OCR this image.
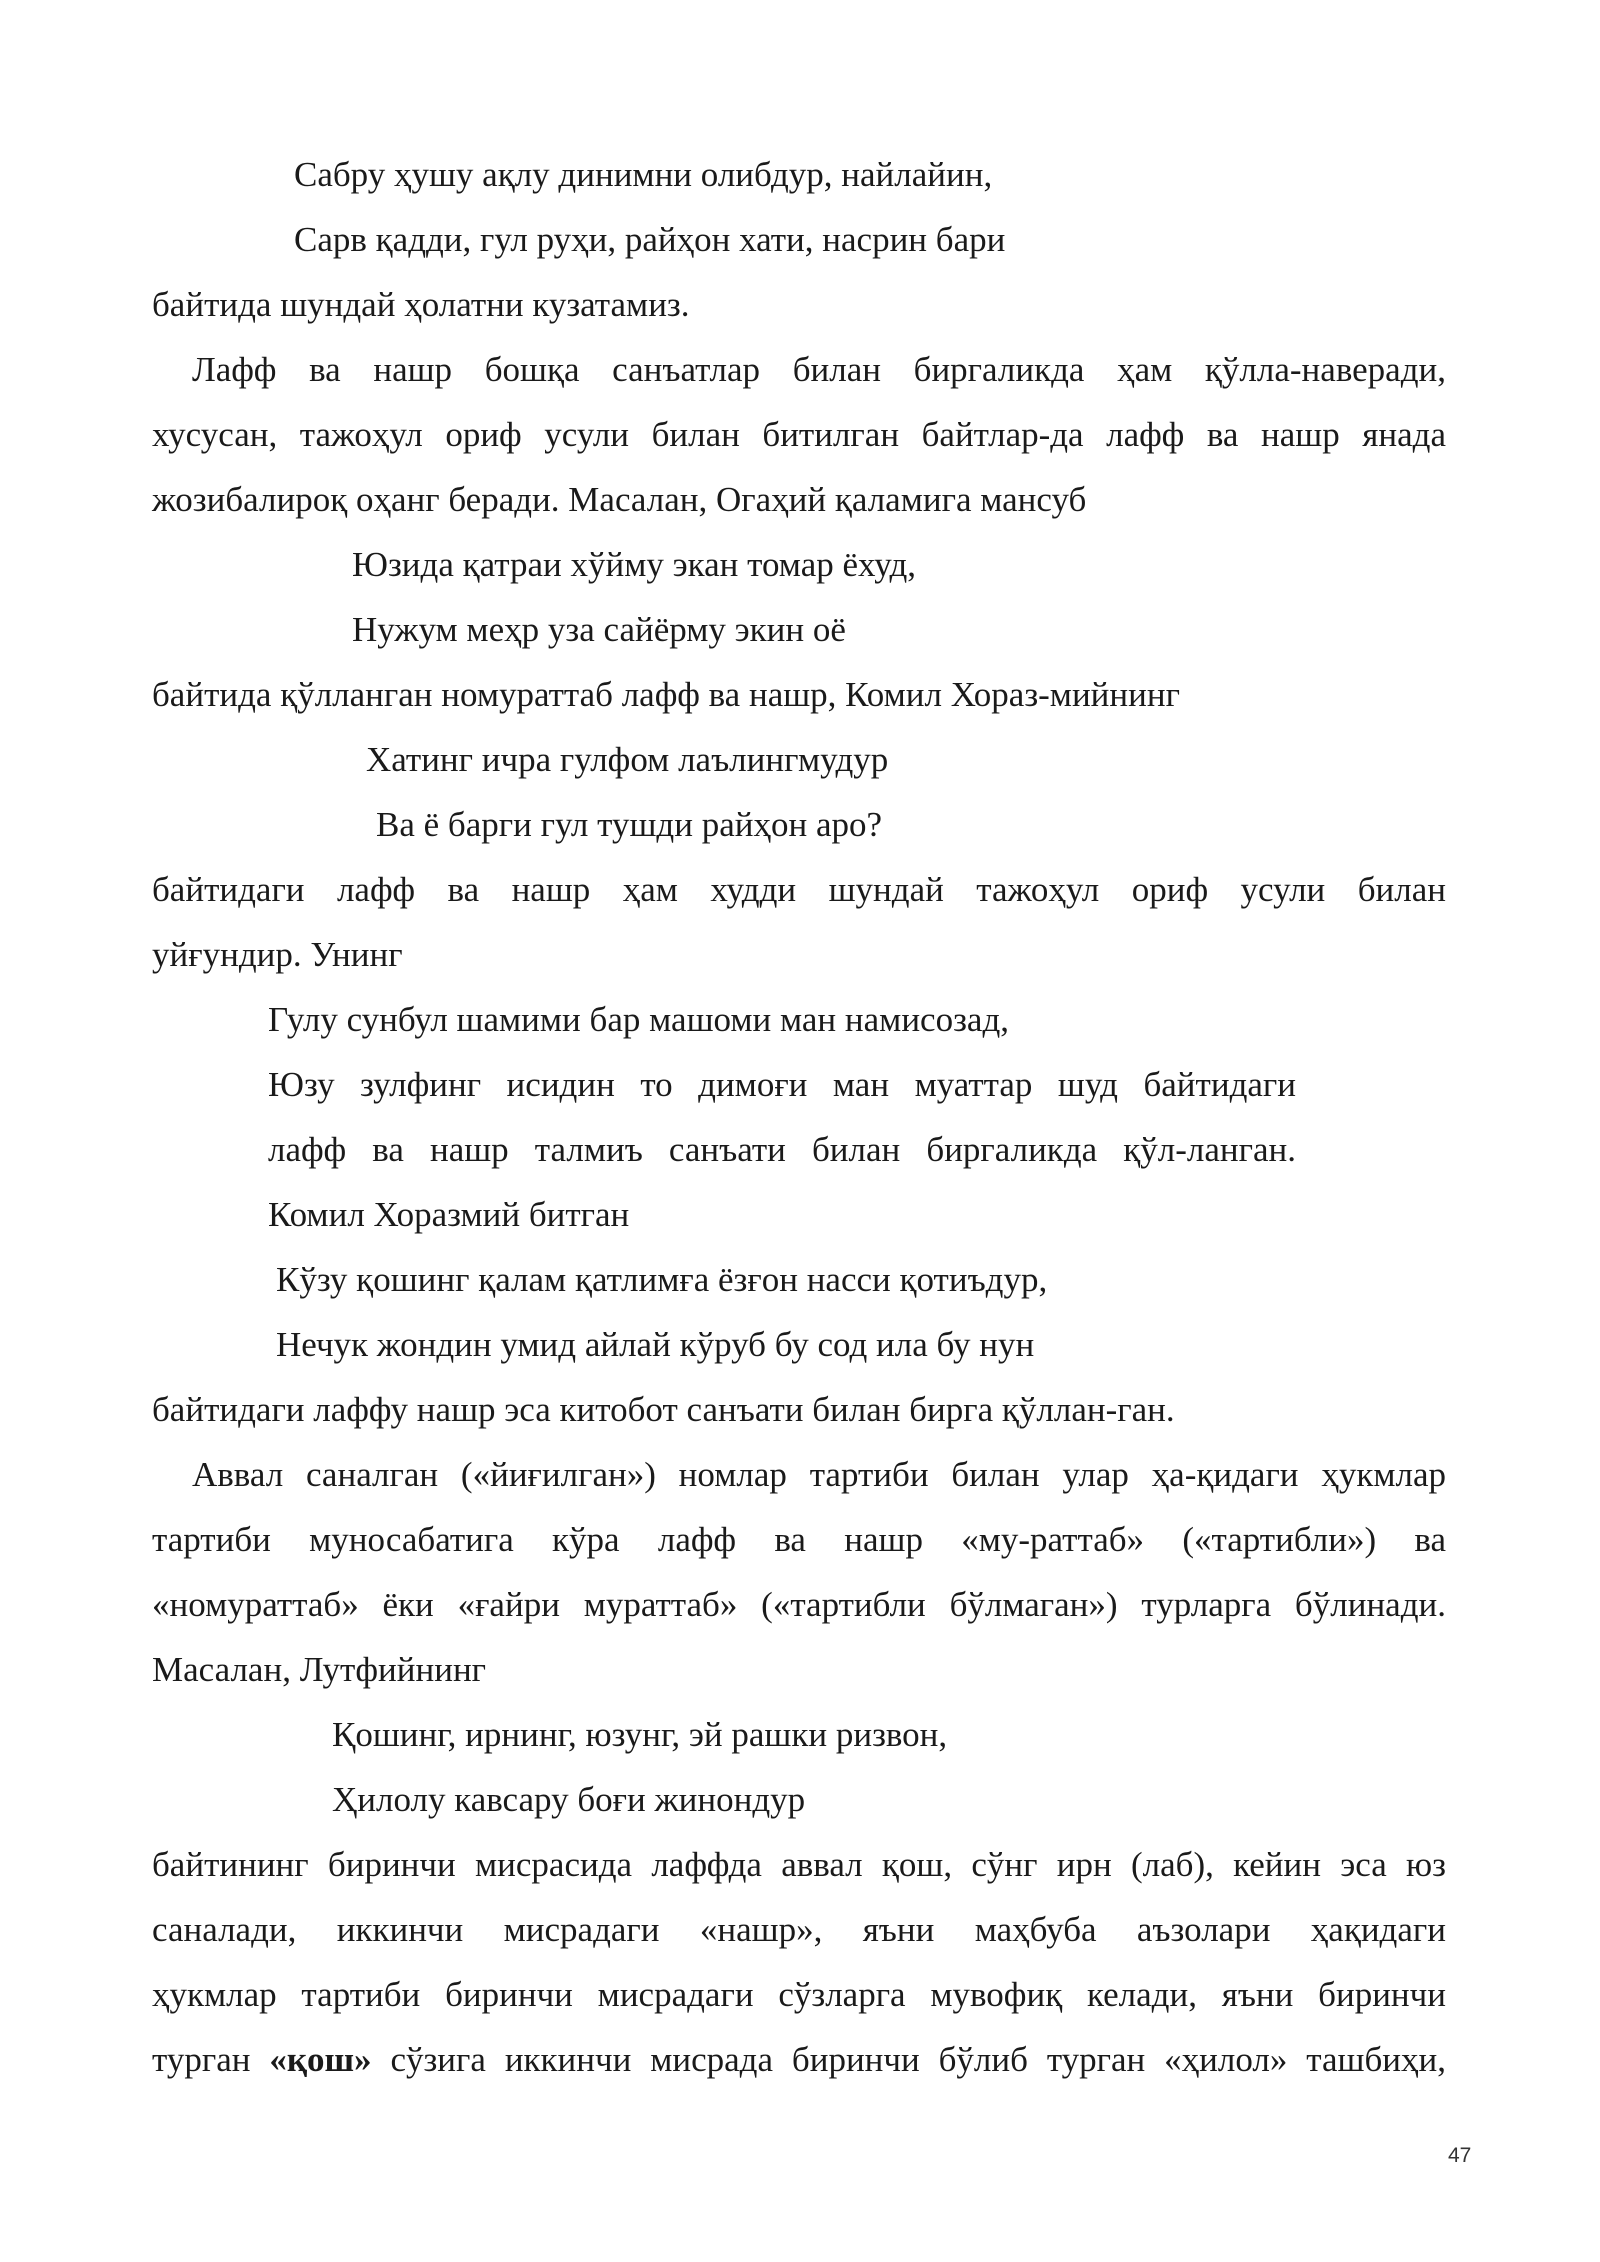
Сабру ҳушу ақлу динимни олибдур, найлайин,
Сарв қадди, гул руҳи, райҳон хати, насрин бари
байтида шундай ҳолатни кузатамиз.
Лафф ва нашр бошқа санъатлар билан биргаликда ҳам қўлла-наверади,
хусусан, тажоҳул ориф усули билан битилган байтлар-да лафф ва нашр янада
жозибалироқ оҳанг беради. Масалан, Огаҳий қаламига мансуб
Юзида қатраи хўйму экан томар ёхуд,
Нужум меҳр уза сайёрму экин оё
байтида қўлланган номураттаб лафф ва нашр, Комил Хораз-мийнинг
Хатинг ичра гулфом лаълингмудур
Ва ё барги гул тушди райҳон аро?
байтидаги лафф ва нашр ҳам худди шундай тажоҳул ориф усули билан
уйғундир. Унинг
Гулу сунбул шамими бар машоми ман намисозад,
Юзу зулфинг исидин то димоғи ман муаттар шуд байтидаги
лафф ва нашр талмиъ санъати билан биргаликда қўл-ланган.
Комил Хоразмий битган
Кўзу қошинг қалам қатлимға ёзғон насси қотиъдур,
Нечук жондин умид айлай кўруб бу сод ила бу нун
байтидаги лаффу нашр эса китобот санъати билан бирга қўллан-ган.
Аввал саналган («йиғилган») номлар тартиби билан улар ҳа-қидаги ҳукмлар
тартиби муносабатига кўра лафф ва нашр «му-раттаб» («тартибли») ва
«номураттаб» ёки «ғайри мураттаб» («тартибли бўлмаган») турларга бўлинади.
Масалан, Лутфийнинг
Қошинг, ирнинг, юзунг, эй рашки ризвон,
Ҳилолу кавсару боғи жинондур
байтининг биринчи мисрасида лаффда аввал қош, сўнг ирн (лаб), кейин эса юз
саналади, иккинчи мисрадаги «нашр», яъни маҳбуба аъзолари ҳақидаги
ҳукмлар тартиби биринчи мисрадаги сўзларга мувофиқ келади, яъни биринчи
турган «қош» сўзига иккинчи мисрада биринчи бўлиб турган «ҳилол» ташбиҳи,
47
